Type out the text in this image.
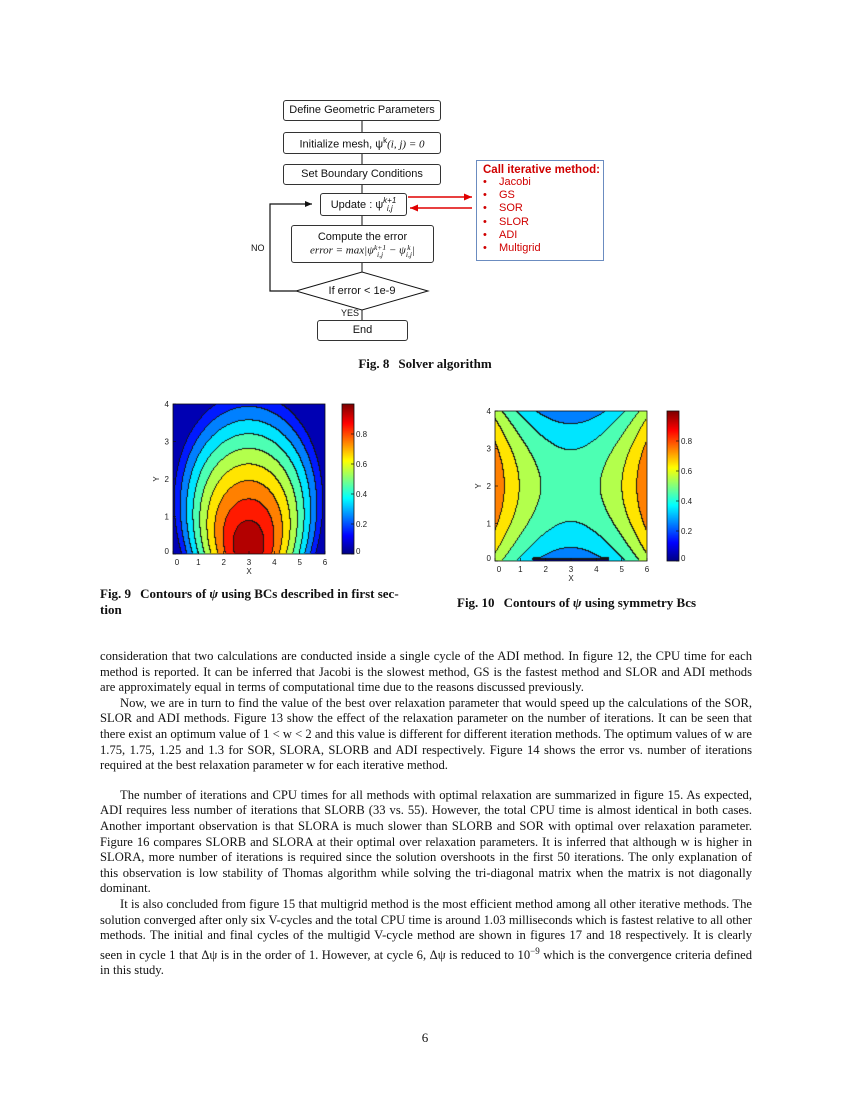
Define Geometric Parameters
Initialize mesh, $\psi^k(i$, j) = 0
Set Boundary Conditions
Update : ψ k+1
i,j
Compute the error
error = max|ψ k+1
i,j − ψ k
i,j |
If error < 1e-9
NO
YES
End
Call iterative method:
• Jacobi
• GS
• SOR
• SLOR
• ADI
• Multigrid
Fig. 8 Solver algorithm
0 1	2	3	4	5	6
0
1
2
3
4
X
Y
0
0.2
0.4
0.6
0.8
Fig. 9 Contours of ψ using BCs described in first sec-
tion
0 1	2	3	4	5	6
0
1
2
3
4
X
Y
0
0.2
0.4
0.6
0.8
Fig. 10 Contours of ψ using symmetry Bcs

consideration that two calculations are conducted inside a single cycle of the ADI method. In figure 12, the CPU time for each method is reported. It can be inferred that Jacobi is the slowest method, GS is the fastest method and SLOR and ADI methods are approximately equal in terms of computational time due to the reasons discussed previously.

Now, we are in turn to find the value of the best over relaxation parameter that would speed up the calculations of the SOR, SLOR and ADI methods. Figure 13 show the effect of the relaxation parameter on the number of iterations. It can be seen that there exist an optimum value of 1 < w < 2 and this value is different for different iteration methods. The optimum values of w are 1.75, 1.75, 1.25 and 1.3 for SOR, SLORA, SLORB and ADI respectively. Figure 14 shows the error vs. number of iterations required at the best relaxation parameter w for each iterative method.

The number of iterations and CPU times for all methods with optimal relaxation are summarized in figure 15. As expected, ADI requires less number of iterations that SLORB (33 vs. 55). However, the total CPU time is almost identical in both cases. Another important observation is that SLORA is much slower than SLORB and SOR with optimal over relaxation parameter. Figure 16 compares SLORB and SLORA at their optimal over relaxation parameters. It is inferred that although w is higher in SLORA, more number of iterations is required since the solution overshoots in the first 50 iterations. The only explanation of this observation is low stability of Thomas algorithm while solving the tri-diagonal matrix when the matrix is not diagonally dominant.

It is also concluded from figure 15 that multigrid method is the most efficient method among all other iterative methods. The solution converged after only six V-cycles and the total CPU time is around 1.03 milliseconds which is fastest relative to all other methods. The initial and final cycles of the multigid V-cycle method are shown in figures 17 and 18 respectively. It is clearly seen in cycle 1 that Δψ is in the order of 1. However, at cycle 6, Δψ is reduced to $10^{-9}$ which is the convergence criteria defined in this study.

6
